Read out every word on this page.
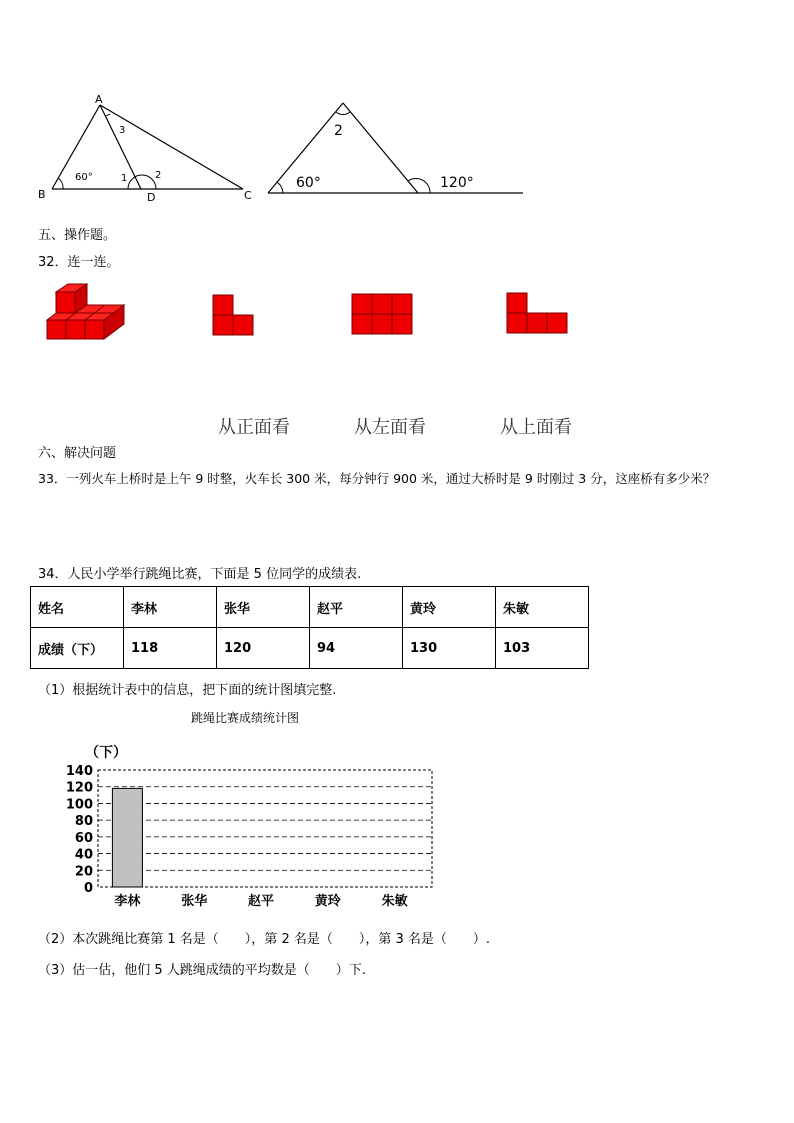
A
B	C
D
60°	1	2
3	2
60°	120°
五、操作题。
32．连一连。
从正面看	从左面看	从上面看
六、解决问题
33．一列火车上桥时是上午 9 时整，火车长 300 米，每分钟行 900 米，通过大桥时是 9 时刚过 3 分，这座桥有多少米？
34．人民小学举行跳绳比赛，下面是 5 位同学的成绩表.
姓名	李林	张华	赵平	黄玲	朱敏
成绩（下）	118	120	94	130	103
（1）根据统计表中的信息，把下面的统计图填完整.
跳绳比赛成绩统计图
（下）
0
20
40
60
80
100
120
140
李林	张华	赵平	黄玲	朱敏
（2）本次跳绳比赛第 1 名是（　　），第 2 名是（　　），第 3 名是（　　）.
（3）估一估，他们 5 人跳绳成绩的平均数是（　　）下.
